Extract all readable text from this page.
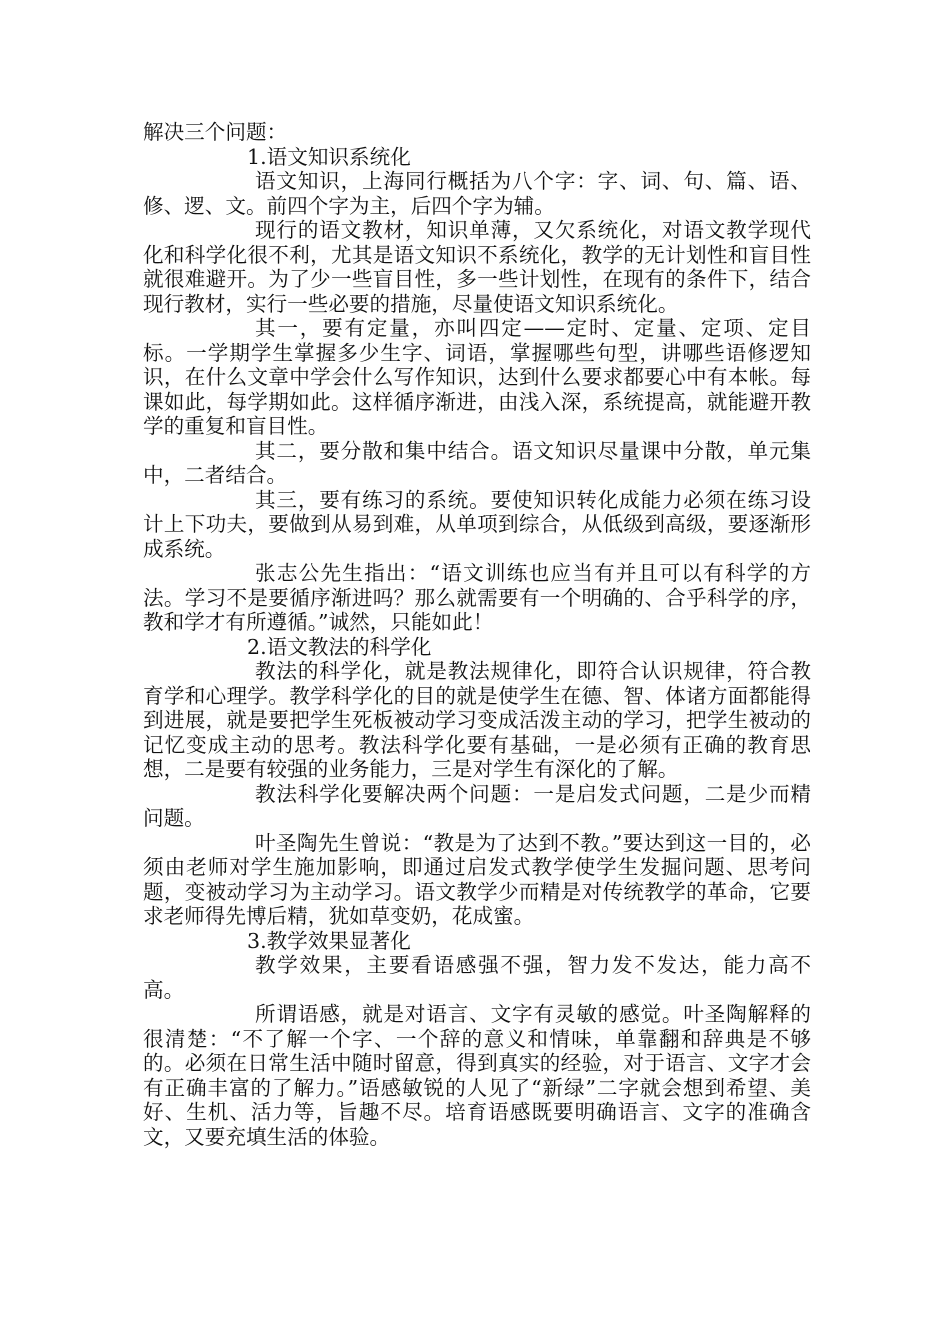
解决三个问题：

1.语文知识系统化

语文知识，上海同行概括为八个字：字、词、句、篇、语、修、逻、文。前四个字为主，后四个字为辅。

现行的语文教材，知识单薄，又欠系统化，对语文教学现代化和科学化很不利，尤其是语文知识不系统化，教学的无计划性和盲目性就很难避开。为了少一些盲目性，多一些计划性，在现有的条件下，结合现行教材，实行一些必要的措施，尽量使语文知识系统化。

其一，要有定量，亦叫四定——定时、定量、定项、定目标。一学期学生掌握多少生字、词语，掌握哪些句型，讲哪些语修逻知识，在什么文章中学会什么写作知识，达到什么要求都要心中有本帐。每课如此，每学期如此。这样循序渐进，由浅入深，系统提高，就能避开教学的重复和盲目性。

其二，要分散和集中结合。语文知识尽量课中分散，单元集中，二者结合。

其三，要有练习的系统。要使知识转化成能力必须在练习设计上下功夫，要做到从易到难，从单项到综合，从低级到高级，要逐渐形成系统。

张志公先生指出：“语文训练也应当有并且可以有科学的方法。学习不是要循序渐进吗？那么就需要有一个明确的、合乎科学的序，教和学才有所遵循。”诚然，只能如此！

2.语文教法的科学化

教法的科学化，就是教法规律化，即符合认识规律，符合教育学和心理学。教学科学化的目的就是使学生在德、智、体诸方面都能得到进展，就是要把学生死板被动学习变成活泼主动的学习，把学生被动的记忆变成主动的思考。教法科学化要有基础，一是必须有正确的教育思想，二是要有较强的业务能力，三是对学生有深化的了解。

教法科学化要解决两个问题：一是启发式问题，二是少而精问题。

叶圣陶先生曾说：“教是为了达到不教。”要达到这一目的，必须由老师对学生施加影响，即通过启发式教学使学生发掘问题、思考问题，变被动学习为主动学习。语文教学少而精是对传统教学的革命，它要求老师得先博后精，犹如草变奶，花成蜜。

3.教学效果显著化

教学效果，主要看语感强不强，智力发不发达，能力高不高。

所谓语感，就是对语言、文字有灵敏的感觉。叶圣陶解释的很清楚：“不了解一个字、一个辞的意义和情味，单靠翻和辞典是不够的。必须在日常生活中随时留意，得到真实的经验，对于语言、文字才会有正确丰富的了解力。”语感敏锐的人见了“新绿”二字就会想到希望、美好、生机、活力等，旨趣不尽。培育语感既要明确语言、文字的准确含文，又要充填生活的体验。
